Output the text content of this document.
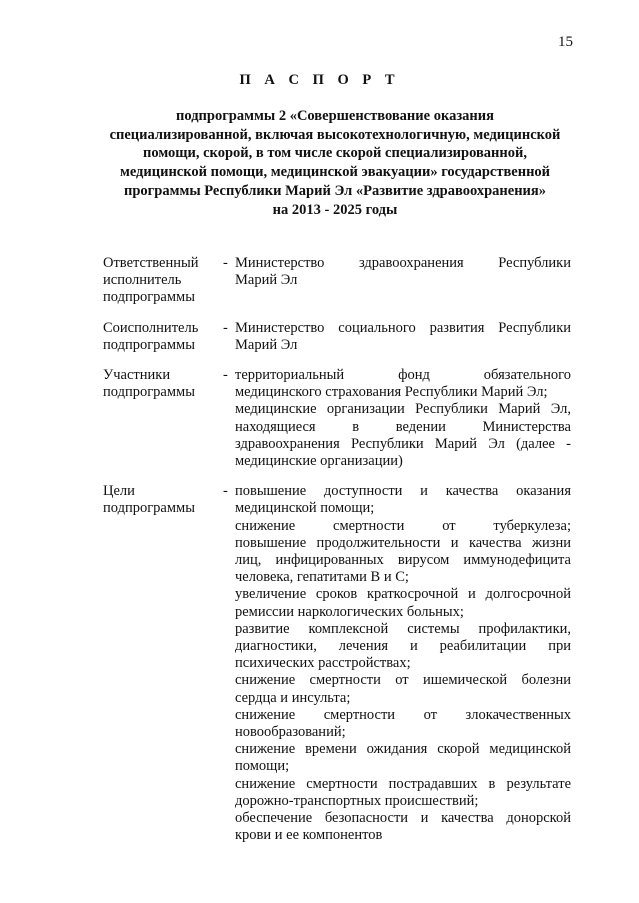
15
П А С П О Р Т
подпрограммы 2 «Совершенствование оказания
специализированной, включая высокотехнологичную, медицинской
помощи, скорой, в том числе скорой специализированной,
медицинской помощи, медицинской эвакуации» государственной
программы Республики Марий Эл «Развитие здравоохранения»
на 2013 - 2025 годы
Ответственный
исполнитель
подпрограммы
- Министерство здравоохранения Республики
Марий Эл
Соисполнитель
подпрограммы
- Министерство социального развития Республики
Марий Эл
Участники
подпрограммы
- территориальный фонд обязательного
медицинского страхования Республики Марий Эл;
медицинские организации Республики Марий Эл,
находящиеся в ведении Министерства
здравоохранения Республики Марий Эл (далее -
медицинские организации)
Цели
подпрограммы
- повышение доступности и качества оказания
медицинской помощи;
снижение смертности от туберкулеза;
повышение продолжительности и качества жизни
лиц, инфицированных вирусом иммунодефицита
человека, гепатитами B и C;
увеличение сроков краткосрочной и долгосрочной
ремиссии наркологических больных;
развитие комплексной системы профилактики,
диагностики, лечения и реабилитации при
психических расстройствах;
снижение смертности от ишемической болезни
сердца и инсульта;
снижение смертности от злокачественных
новообразований;
снижение времени ожидания скорой медицинской
помощи;
снижение смертности пострадавших в результате
дорожно-транспортных происшествий;
обеспечение безопасности и качества донорской
крови и ее компонентов
